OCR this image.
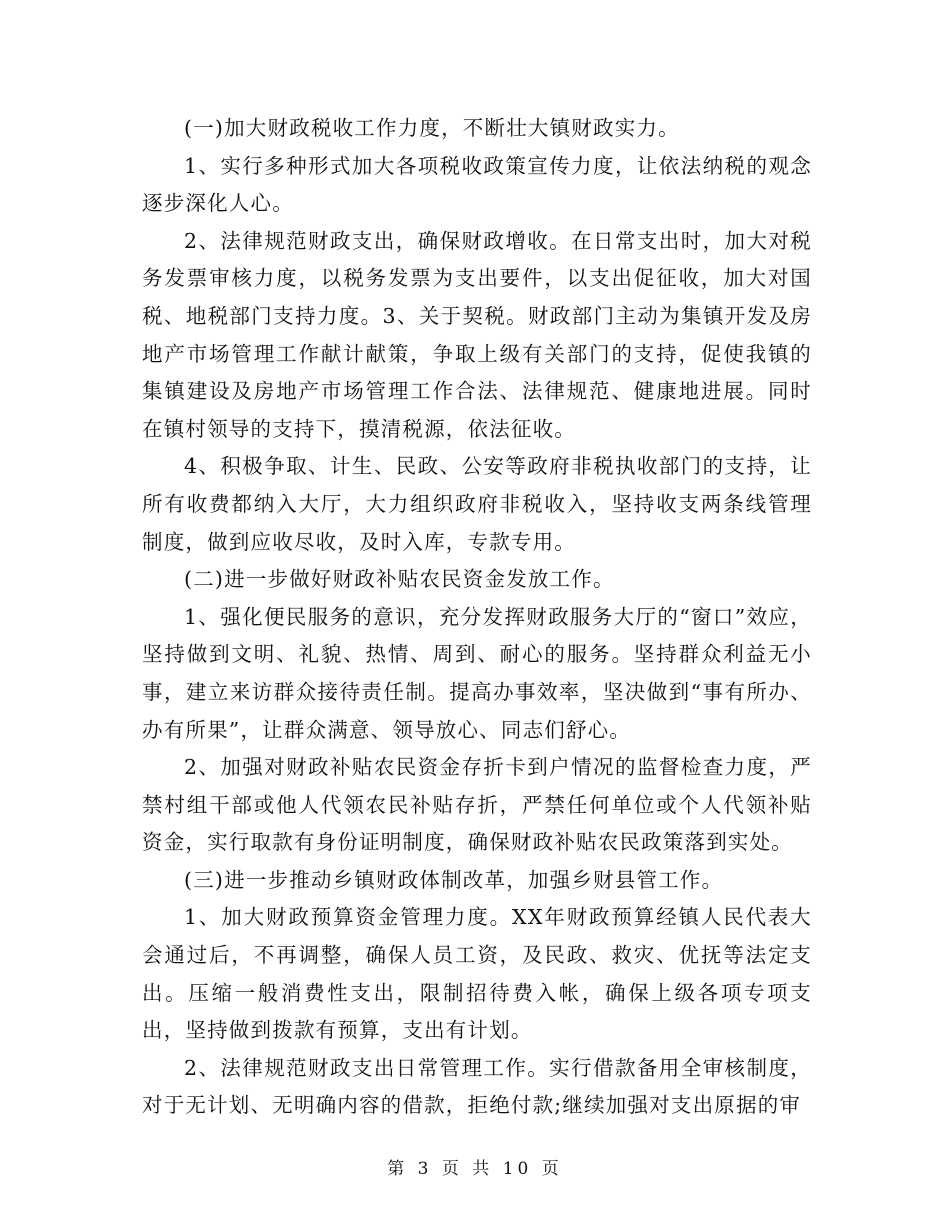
(一)加大财政税收工作力度，不断壮大镇财政实力。

1、实行多种形式加大各项税收政策宣传力度，让依法纳税的观念逐步深化人心。

2、法律规范财政支出，确保财政增收。在日常支出时，加大对税务发票审核力度，以税务发票为支出要件，以支出促征收，加大对国税、地税部门支持力度。3、关于契税。财政部门主动为集镇开发及房地产市场管理工作献计献策，争取上级有关部门的支持，促使我镇的集镇建设及房地产市场管理工作合法、法律规范、健康地进展。同时在镇村领导的支持下，摸清税源，依法征收。

4、积极争取、计生、民政、公安等政府非税执收部门的支持，让所有收费都纳入大厅，大力组织政府非税收入，坚持收支两条线管理制度，做到应收尽收，及时入库，专款专用。

(二)进一步做好财政补贴农民资金发放工作。

1、强化便民服务的意识，充分发挥财政服务大厅的“窗口”效应，坚持做到文明、礼貌、热情、周到、耐心的服务。坚持群众利益无小事，建立来访群众接待责任制。提高办事效率，坚决做到“事有所办、办有所果”，让群众满意、领导放心、同志们舒心。

2、加强对财政补贴农民资金存折卡到户情况的监督检查力度，严禁村组干部或他人代领农民补贴存折，严禁任何单位或个人代领补贴资金，实行取款有身份证明制度，确保财政补贴农民政策落到实处。

(三)进一步推动乡镇财政体制改革，加强乡财县管工作。

1、加大财政预算资金管理力度。XX年财政预算经镇人民代表大会通过后，不再调整，确保人员工资，及民政、救灾、优抚等法定支出。压缩一般消费性支出，限制招待费入帐，确保上级各项专项支出，坚持做到拨款有预算，支出有计划。

2、法律规范财政支出日常管理工作。实行借款备用全审核制度，对于无计划、无明确内容的借款，拒绝付款;继续加强对支出原据的审

第 3 页 共 10 页
